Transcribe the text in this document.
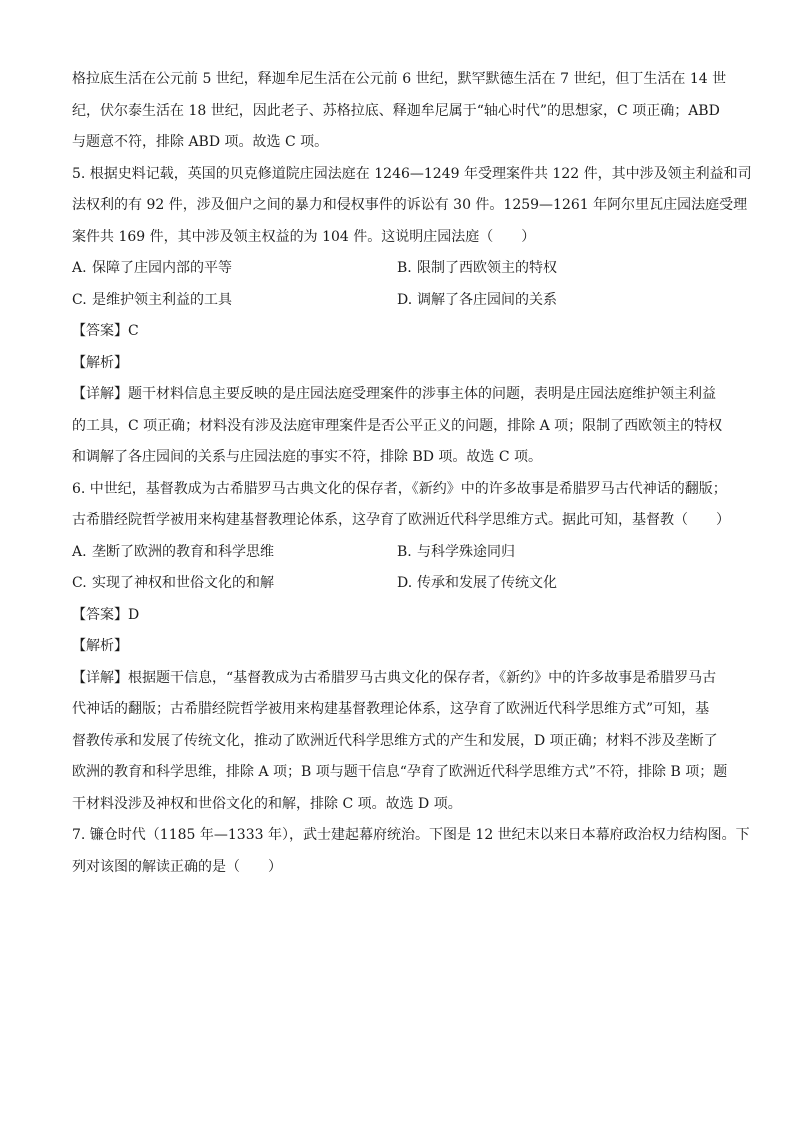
格拉底生活在公元前 5 世纪，释迦牟尼生活在公元前 6 世纪，默罕默德生活在 7 世纪，但丁生活在 14 世
纪，伏尔泰生活在 18 世纪，因此老子、苏格拉底、释迦牟尼属于“轴心时代”的思想家，C 项正确；ABD
与题意不符，排除 ABD 项。故选 C 项。
5. 根据史料记载，英国的贝克修道院庄园法庭在 1246—1249 年受理案件共 122 件，其中涉及领主利益和司
法权利的有 92 件，涉及佃户之间的暴力和侵权事件的诉讼有 30 件。1259—1261 年阿尔里瓦庄园法庭受理
案件共 169 件，其中涉及领主权益的为 104 件。这说明庄园法庭（　　）
A. 保障了庄园内部的平等	B. 限制了西欧领主的特权
C. 是维护领主利益的工具	D. 调解了各庄园间的关系
【答案】C
【解析】
【详解】题干材料信息主要反映的是庄园法庭受理案件的涉事主体的问题，表明是庄园法庭维护领主利益
的工具，C 项正确；材料没有涉及法庭审理案件是否公平正义的问题，排除 A 项；限制了西欧领主的特权
和调解了各庄园间的关系与庄园法庭的事实不符，排除 BD 项。故选 C 项。
6. 中世纪，基督教成为古希腊罗马古典文化的保存者，《新约》中的许多故事是希腊罗马古代神话的翻版；
古希腊经院哲学被用来构建基督教理论体系，这孕育了欧洲近代科学思维方式。据此可知，基督教（　　）
A. 垄断了欧洲的教育和科学思维	B. 与科学殊途同归
C. 实现了神权和世俗文化的和解	D. 传承和发展了传统文化
【答案】D
【解析】
【详解】根据题干信息，“基督教成为古希腊罗马古典文化的保存者，《新约》中的许多故事是希腊罗马古
代神话的翻版；古希腊经院哲学被用来构建基督教理论体系，这孕育了欧洲近代科学思维方式”可知，基
督教传承和发展了传统文化，推动了欧洲近代科学思维方式的产生和发展，D 项正确；材料不涉及垄断了
欧洲的教育和科学思维，排除 A 项；B 项与题干信息“孕育了欧洲近代科学思维方式”不符，排除 B 项；题
干材料没涉及神权和世俗文化的和解，排除 C 项。故选 D 项。
7. 镰仓时代（1185 年—1333 年），武士建起幕府统治。下图是 12 世纪末以来日本幕府政治权力结构图。下
列对该图的解读正确的是（　　）
